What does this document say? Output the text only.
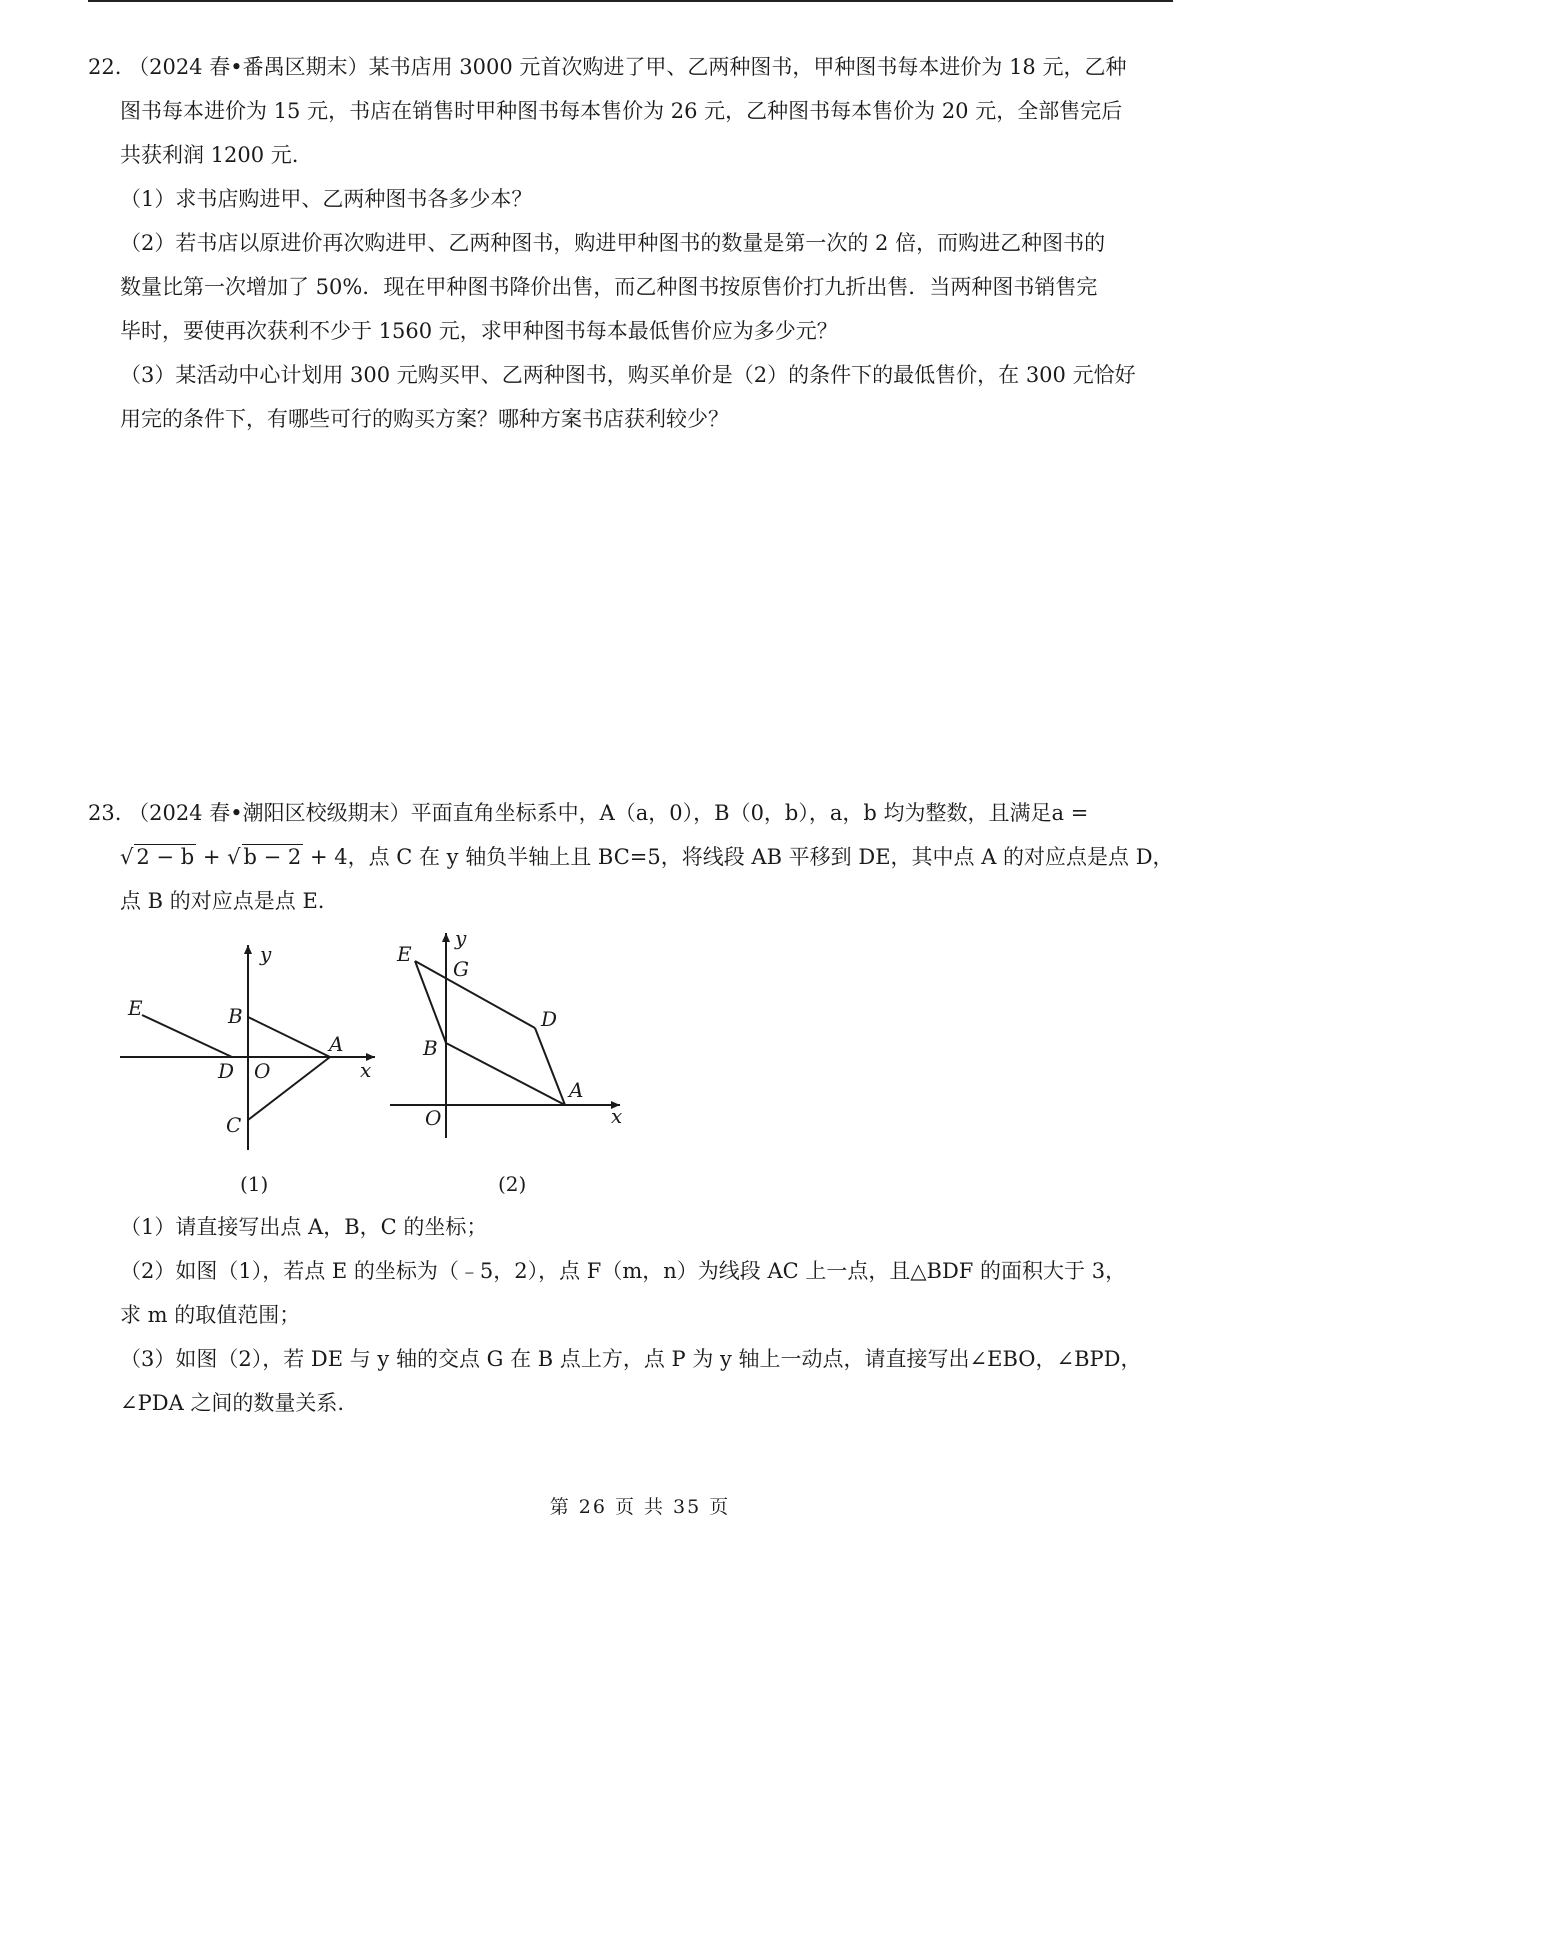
22. （2024 春•番禺区期末）某书店用 3000 元首次购进了甲、乙两种图书，甲种图书每本进价为 18 元，乙种
图书每本进价为 15 元，书店在销售时甲种图书每本售价为 26 元，乙种图书每本售价为 20 元，全部售完后
共获利润 1200 元.
（1）求书店购进甲、乙两种图书各多少本？
（2）若书店以原进价再次购进甲、乙两种图书，购进甲种图书的数量是第一次的 2 倍，而购进乙种图书的
数量比第一次增加了 50%．现在甲种图书降价出售，而乙种图书按原售价打九折出售．当两种图书销售完
毕时，要使再次获利不少于 1560 元，求甲种图书每本最低售价应为多少元？
（3）某活动中心计划用 300 元购买甲、乙两种图书，购买单价是（2）的条件下的最低售价，在 300 元恰好
用完的条件下，有哪些可行的购买方案？哪种方案书店获利较少？
23. （2024 春•潮阳区校级期末）平面直角坐标系中，A（a，0），B（0，b），a，b 均为整数，且满足a =
√ 2 − b + √ b − 2 + 4，点 C 在 y 轴负半轴上且 BC=5，将线段 AB 平移到 DE，其中点 A 的对应点是点 D，
点 B 的对应点是点 E.
y
x
E	B
A
D O
C
(1)
y
x
E
G
D
B
A
O
(2)
（1）请直接写出点 A，B，C 的坐标；
（2）如图（1），若点 E 的坐标为（﹣5，2），点 F（m，n）为线段 AC 上一点，且△BDF 的面积大于 3，
求 m 的取值范围；
（3）如图（2），若 DE 与 y 轴的交点 G 在 B 点上方，点 P 为 y 轴上一动点，请直接写出∠EBO，∠BPD，
∠PDA 之间的数量关系.
第 26 页 共 35 页
